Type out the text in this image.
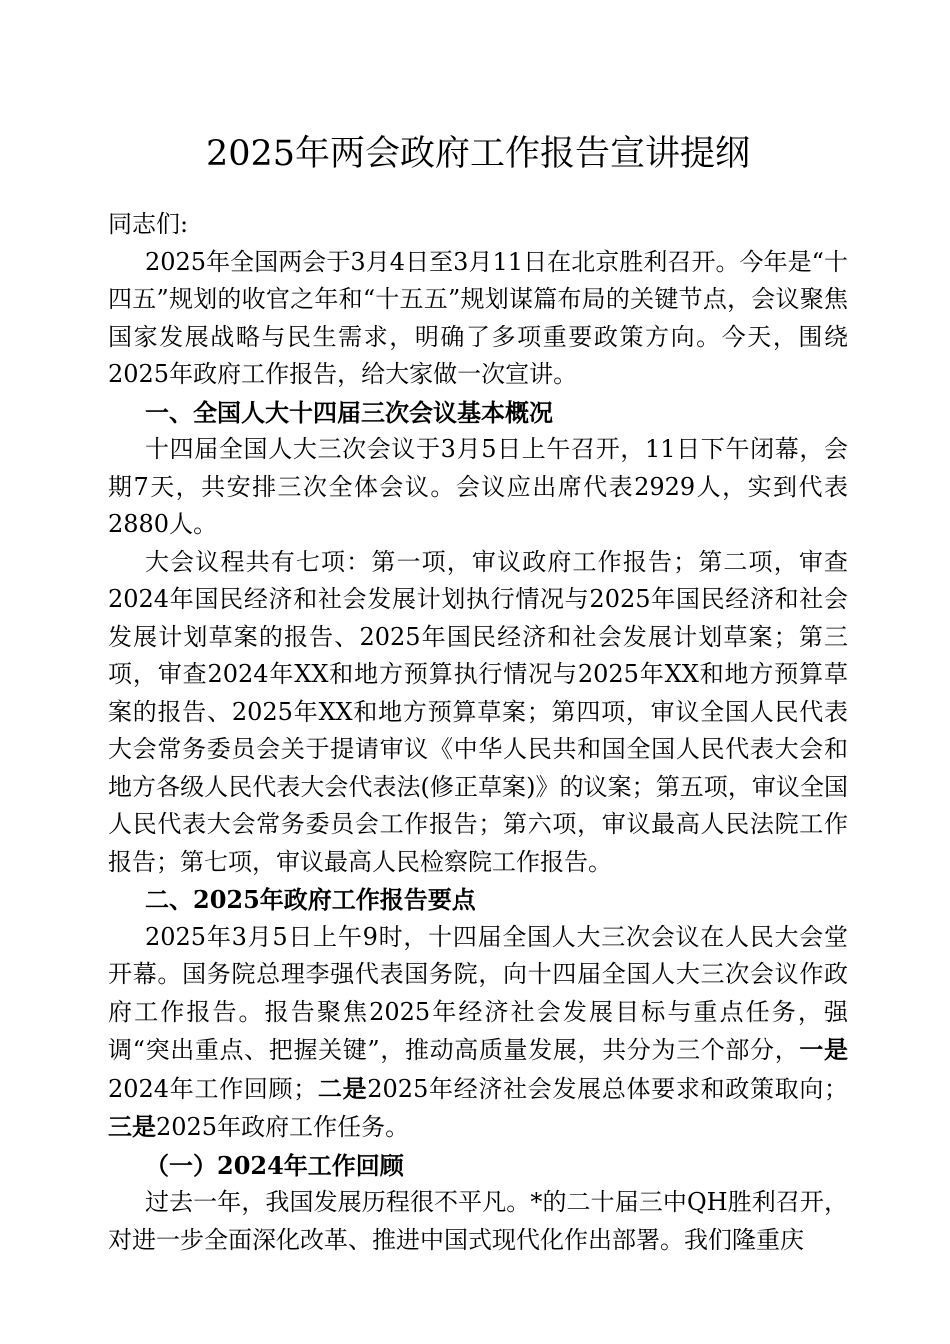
2025年两会政府工作报告宣讲提纲

同志们:

2025年全国两会于3月4日至3月11日在北京胜利召开。今年是“十四五”规划的收官之年和“十五五”规划谋篇布局的关键节点，会议聚焦国家发展战略与民生需求，明确了多项重要政策方向。今天，围绕2025年政府工作报告，给大家做一次宣讲。

一、全国人大十四届三次会议基本概况

十四届全国人大三次会议于3月5日上午召开，11日下午闭幕，会期7天，共安排三次全体会议。会议应出席代表2929人，实到代表2880人。

大会议程共有七项：第一项，审议政府工作报告；第二项，审查2024年国民经济和社会发展计划执行情况与2025年国民经济和社会发展计划草案的报告、2025年国民经济和社会发展计划草案；第三项，审查2024年XX和地方预算执行情况与2025年XX和地方预算草案的报告、2025年XX和地方预算草案；第四项，审议全国人民代表大会常务委员会关于提请审议《中华人民共和国全国人民代表大会和地方各级人民代表大会代表法(修正草案)》的议案；第五项，审议全国人民代表大会常务委员会工作报告；第六项，审议最高人民法院工作报告；第七项，审议最高人民检察院工作报告。

二、2025年政府工作报告要点

2025年3月5日上午9时，十四届全国人大三次会议在人民大会堂开幕。国务院总理李强代表国务院，向十四届全国人大三次会议作政府工作报告。报告聚焦2025年经济社会发展目标与重点任务，强调“突出重点、把握关键”，推动高质量发展，共分为三个部分，一是2024年工作回顾；二是2025年经济社会发展总体要求和政策取向；三是2025年政府工作任务。

（一）2024年工作回顾

过去一年，我国发展历程很不平凡。*的二十届三中QH胜利召开，对进一步全面深化改革、推进中国式现代化作出部署。我们隆重庆
